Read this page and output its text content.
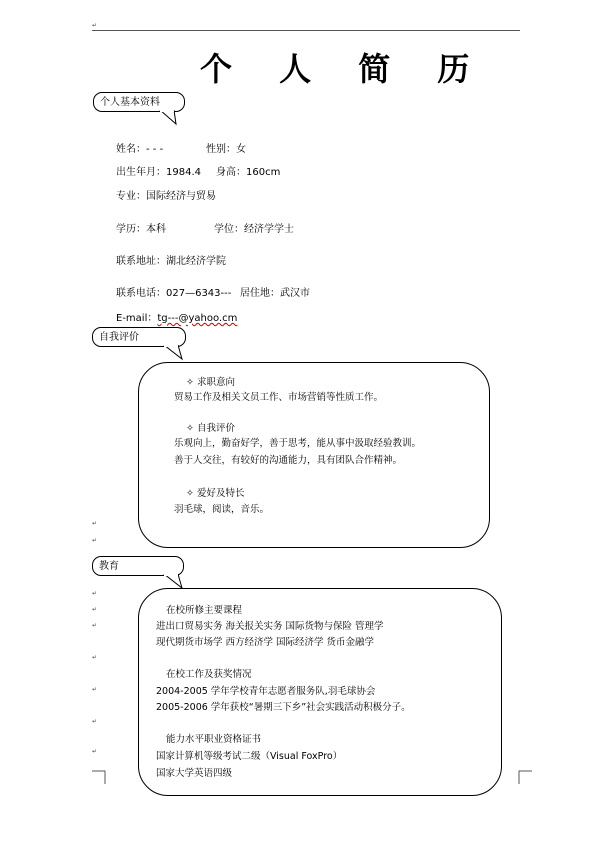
↵
个 人 简 历
个人基本资料
姓名：- - -	性别：女
出生年月：1984.4 身高：160cm
专业：国际经济与贸易
学历：本科	学位：经济学学士
联系地址：湖北经济学院
联系电话：027—6343--- 居住地：武汉市
E-mail：tg---@yahoo.cm
自我评价
✧ 求职意向
贸易工作及相关文员工作、市场营销等性质工作。
✧ 自我评价
乐观向上，勤奋好学，善于思考，能从事中汲取经验教训。
善于人交往，有较好的沟通能力，具有团队合作精神。
✧ 爱好及特长
羽毛球，阅读，音乐。
↵
↵
教育
在校所修主要课程
进出口贸易实务 海关报关实务 国际货物与保险 管理学
现代期货市场学 西方经济学 国际经济学 货币金融学
在校工作及获奖情况
2004-2005 学年学校青年志愿者服务队,羽毛球协会
2005-2006 学年获校“暑期三下乡”社会实践活动积极分子。
能力水平职业资格证书
国家计算机等级考试二级（Visual FoxPro）
国家大学英语四级
↵
↵
↵
↵
↵
↵
↵
